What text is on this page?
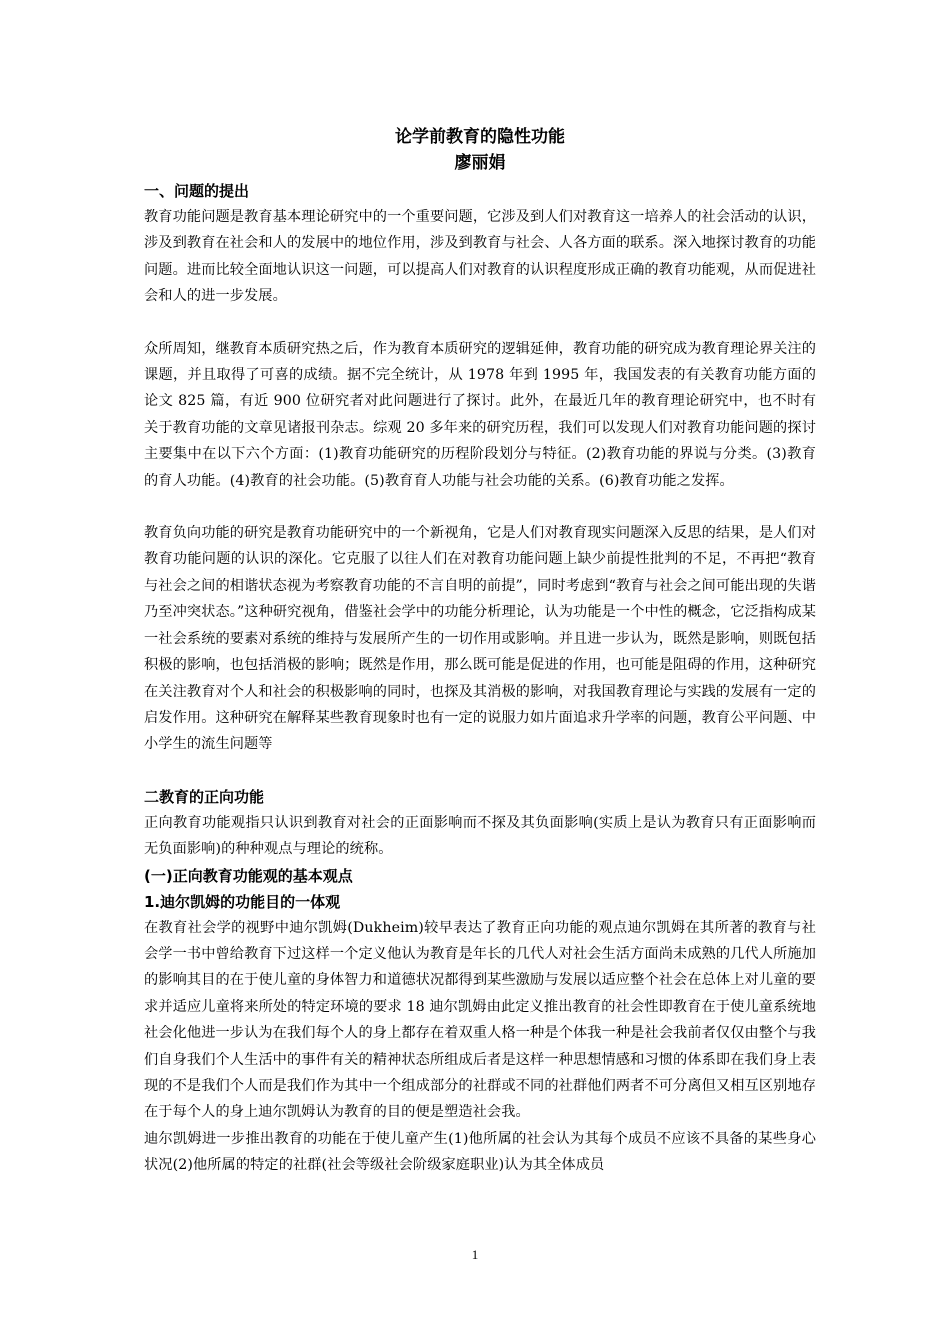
论学前教育的隐性功能

廖丽娟

一、问题的提出

教育功能问题是教育基本理论研究中的一个重要问题，它涉及到人们对教育这一培养人的社会活动的认识，涉及到教育在社会和人的发展中的地位作用，涉及到教育与社会、人各方面的联系。深入地探讨教育的功能问题。进而比较全面地认识这一问题，可以提高人们对教育的认识程度形成正确的教育功能观，从而促进社会和人的进一步发展。

众所周知，继教育本质研究热之后，作为教育本质研究的逻辑延伸，教育功能的研究成为教育理论界关注的课题，并且取得了可喜的成绩。据不完全统计，从 1978 年到 1995 年，我国发表的有关教育功能方面的论文 825 篇，有近 900 位研究者对此问题进行了探讨。此外，在最近几年的教育理论研究中，也不时有关于教育功能的文章见诸报刊杂志。综观 20 多年来的研究历程，我们可以发现人们对教育功能问题的探讨主要集中在以下六个方面：(1)教育功能研究的历程阶段划分与特征。(2)教育功能的界说与分类。(3)教育的育人功能。(4)教育的社会功能。(5)教育育人功能与社会功能的关系。(6)教育功能之发挥。

教育负向功能的研究是教育功能研究中的一个新视角，它是人们对教育现实问题深入反思的结果，是人们对教育功能问题的认识的深化。它克服了以往人们在对教育功能问题上缺少前提性批判的不足，不再把“教育与社会之间的相谐状态视为考察教育功能的不言自明的前提”，同时考虑到“教育与社会之间可能出现的失谐乃至冲突状态。”这种研究视角，借鉴社会学中的功能分析理论，认为功能是一个中性的概念，它泛指构成某一社会系统的要素对系统的维持与发展所产生的一切作用或影响。并且进一步认为，既然是影响，则既包括积极的影响，也包括消极的影响；既然是作用，那么既可能是促进的作用，也可能是阻碍的作用，这种研究在关注教育对个人和社会的积极影响的同时，也探及其消极的影响，对我国教育理论与实践的发展有一定的启发作用。这种研究在解释某些教育现象时也有一定的说服力如片面追求升学率的问题，教育公平问题、中小学生的流生问题等

二教育的正向功能

正向教育功能观指只认识到教育对社会的正面影响而不探及其负面影响(实质上是认为教育只有正面影响而无负面影响)的种种观点与理论的统称。

(一)正向教育功能观的基本观点

1.迪尔凯姆的功能目的一体观

在教育社会学的视野中迪尔凯姆(Dukheim)较早表达了教育正向功能的观点迪尔凯姆在其所著的教育与社会学一书中曾给教育下过这样一个定义他认为教育是年长的几代人对社会生活方面尚未成熟的几代人所施加的影响其目的在于使儿童的身体智力和道德状况都得到某些激励与发展以适应整个社会在总体上对儿童的要求并适应儿童将来所处的特定环境的要求 18 迪尔凯姆由此定义推出教育的社会性即教育在于使儿童系统地社会化他进一步认为在我们每个人的身上都存在着双重人格一种是个体我一种是社会我前者仅仅由整个与我们自身我们个人生活中的事件有关的精神状态所组成后者是这样一种思想情感和习惯的体系即在我们身上表现的不是我们个人而是我们作为其中一个组成部分的社群或不同的社群他们两者不可分离但又相互区别地存在于每个人的身上迪尔凯姆认为教育的目的便是塑造社会我。

迪尔凯姆进一步推出教育的功能在于使儿童产生(1)他所属的社会认为其每个成员不应该不具备的某些身心状况(2)他所属的特定的社群(社会等级社会阶级家庭职业)认为其全体成员

1
